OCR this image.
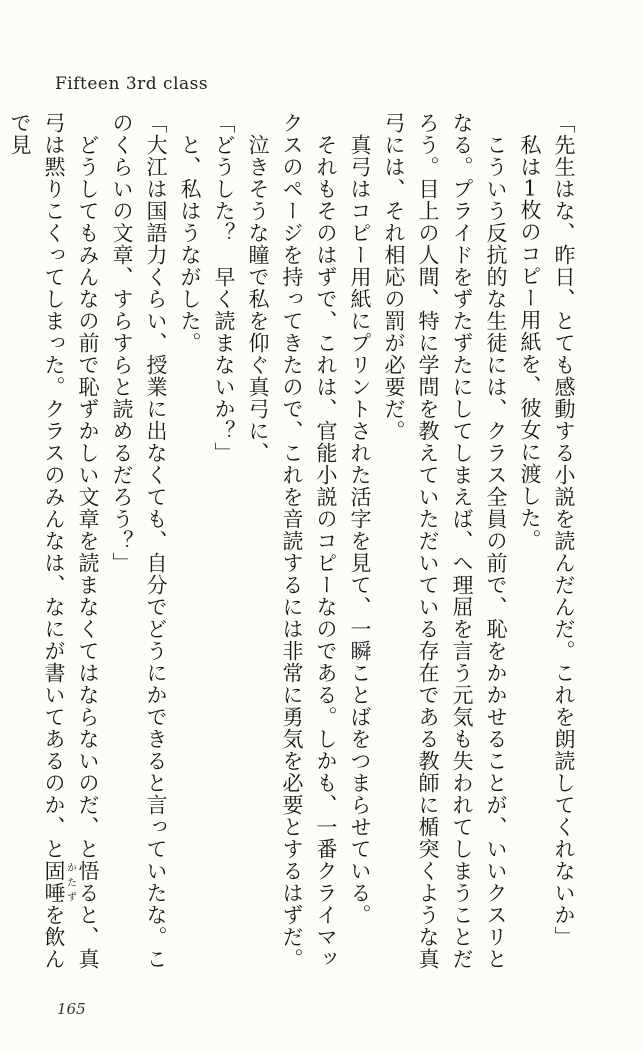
Fifteen 3rd class

「先生はな、昨日、とても感動する小説を読んだんだ。これを朗読してくれないか」

私は1枚のコピー用紙を、彼女に渡した。

こういう反抗的な生徒には、クラス全員の前で、恥をかかせることが、いいクスリとなる。プライドをずたずたにしてしまえば、へ理屈を言う元気も失われてしまうことだろう。目上の人間、特に学問を教えていただいている存在である教師に楯突くような真弓には、それ相応の罰が必要だ。

真弓はコピー用紙にプリントされた活字を見て、一瞬ことばをつまらせている。

それもそのはずで、これは、官能小説のコピーなのである。しかも、一番クライマックスのページを持ってきたので、これを音読するには非常に勇気を必要とするはずだ。

泣きそうな瞳で私を仰ぐ真弓に、

「どうした？　早く読まないか？」

と、私はうながした。

「大江は国語力くらい、授業に出なくても、自分でどうにかできると言っていたな。このくらいの文章、すらすらと読めるだろう？」

どうしてもみんなの前で恥ずかしい文章を読まなくてはならないのだ、と悟ると、真弓は黙りこくってしまった。クラスのみんなは、なにが書いてあるのか、と固唾かたずを飲んで見

165
